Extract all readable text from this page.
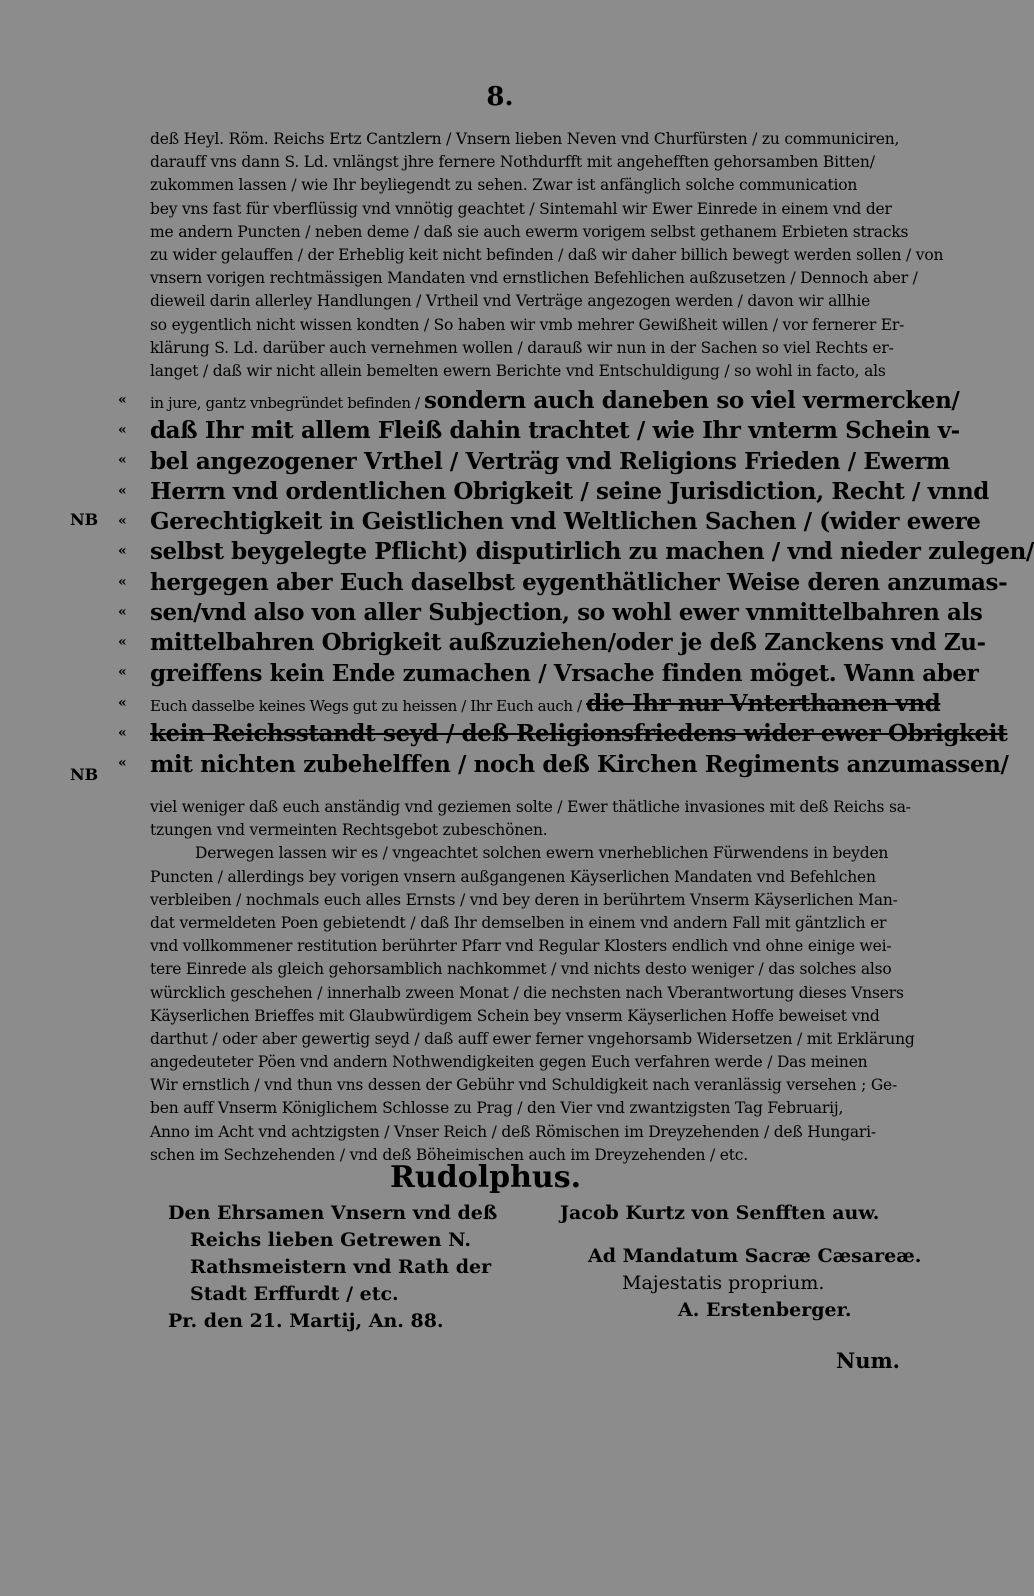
8.
deß Heyl. Röm. Reichs Ertz Cantzlern / Vnsern lieben Neven vnd Churfürsten / zu communiciren,
darauff vns dann S. Ld. vnlängst jhre fernere Nothdurfft mit angehefften gehorsamben Bitten/
zukommen lassen / wie Ihr beyliegendt zu sehen. Zwar ist anfänglich solche communication
bey vns fast für vberflüssig vnd vnnötig geachtet / Sintemahl wir Ewer Einrede in einem vnd der
me andern Puncten / neben deme / daß sie auch ewerm vorigem selbst gethanem Erbieten stracks
zu wider gelauffen / der Erheblig keit nicht befinden / daß wir daher billich bewegt werden sollen / von
vnsern vorigen rechtmässigen Mandaten vnd ernstlichen Befehlichen außzusetzen / Dennoch aber /
dieweil darin allerley Handlungen / Vrtheil vnd Verträge angezogen werden / davon wir allhie
so eygentlich nicht wissen kondten / So haben wir vmb mehrer Gewißheit willen / vor fernerer Er-
klärung S. Ld. darüber auch vernehmen wollen / darauß wir nun in der Sachen so viel Rechts er-
langet / daß wir nicht allein bemelten ewern Berichte vnd Entschuldigung / so wohl in facto, als
«
«
«
«
«
«
«
«
«
«
«
«
«
NB
NB
in jure, gantz vnbegründet befinden / sondern auch daneben so viel vermercken/
daß Ihr mit allem Fleiß dahin trachtet / wie Ihr vnterm Schein v-
bel angezogener Vrthel / Verträg vnd Religions Frieden / Ewerm
Herrn vnd ordentlichen Obrigkeit / seine Jurisdiction, Recht / vnnd
Gerechtigkeit in Geistlichen vnd Weltlichen Sachen / (wider ewere
selbst beygelegte Pflicht) disputirlich zu machen / vnd nieder zulegen/
hergegen aber Euch daselbst eygenthätlicher Weise deren anzumas-
sen/vnd also von aller Subjection, so wohl ewer vnmittelbahren als
mittelbahren Obrigkeit außzuziehen/oder je deß Zanckens vnd Zu-
greiffens kein Ende zumachen / Vrsache finden möget. Wann aber
Euch dasselbe keines Wegs gut zu heissen / Ihr Euch auch / die Ihr nur Vnterthanen vnd
kein Reichsstandt seyd / deß Religionsfriedens wider ewer Obrigkeit
mit nichten zubehelffen / noch deß Kirchen Regiments anzumassen/
viel weniger daß euch anständig vnd geziemen solte / Ewer thätliche invasiones mit deß Reichs sa-
tzungen vnd vermeinten Rechtsgebot zubeschönen.
Derwegen lassen wir es / vngeachtet solchen ewern vnerheblichen Fürwendens in beyden
Puncten / allerdings bey vorigen vnsern außgangenen Käyserlichen Mandaten vnd Befehlchen
verbleiben / nochmals euch alles Ernsts / vnd bey deren in berührtem Vnserm Käyserlichen Man-
dat vermeldeten Poen gebietendt / daß Ihr demselben in einem vnd andern Fall mit gäntzlich er
vnd vollkommener restitution berührter Pfarr vnd Regular Klosters endlich vnd ohne einige wei-
tere Einrede als gleich gehorsamblich nachkommet / vnd nichts desto weniger / das solches also
würcklich geschehen / innerhalb zween Monat / die nechsten nach Vberantwortung dieses Vnsers
Käyserlichen Brieffes mit Glaubwürdigem Schein bey vnserm Käyserlichen Hoffe beweiset vnd
darthut / oder aber gewertig seyd / daß auff ewer ferner vngehorsamb Widersetzen / mit Erklärung
angedeuteter Pöen vnd andern Nothwendigkeiten gegen Euch verfahren werde / Das meinen
Wir ernstlich / vnd thun vns dessen der Gebühr vnd Schuldigkeit nach veranlässig versehen ; Ge-
ben auff Vnserm Königlichem Schlosse zu Prag / den Vier vnd zwantzigsten Tag Februarij,
Anno im Acht vnd achtzigsten / Vnser Reich / deß Römischen im Dreyzehenden / deß Hungari-
schen im Sechzehenden / vnd deß Böheimischen auch im Dreyzehenden / etc.
Rudolphus.
Den Ehrsamen Vnsern vnd deß
Reichs lieben Getrewen N.
Rathsmeistern vnd Rath der
Stadt Erffurdt / etc.
Pr. den 21. Martij, An. 88.
Jacob Kurtz von Senfften auw.
Ad Mandatum Sacræ Cæsareæ.
Majestatis proprium.
A. Erstenberger.
Num.
